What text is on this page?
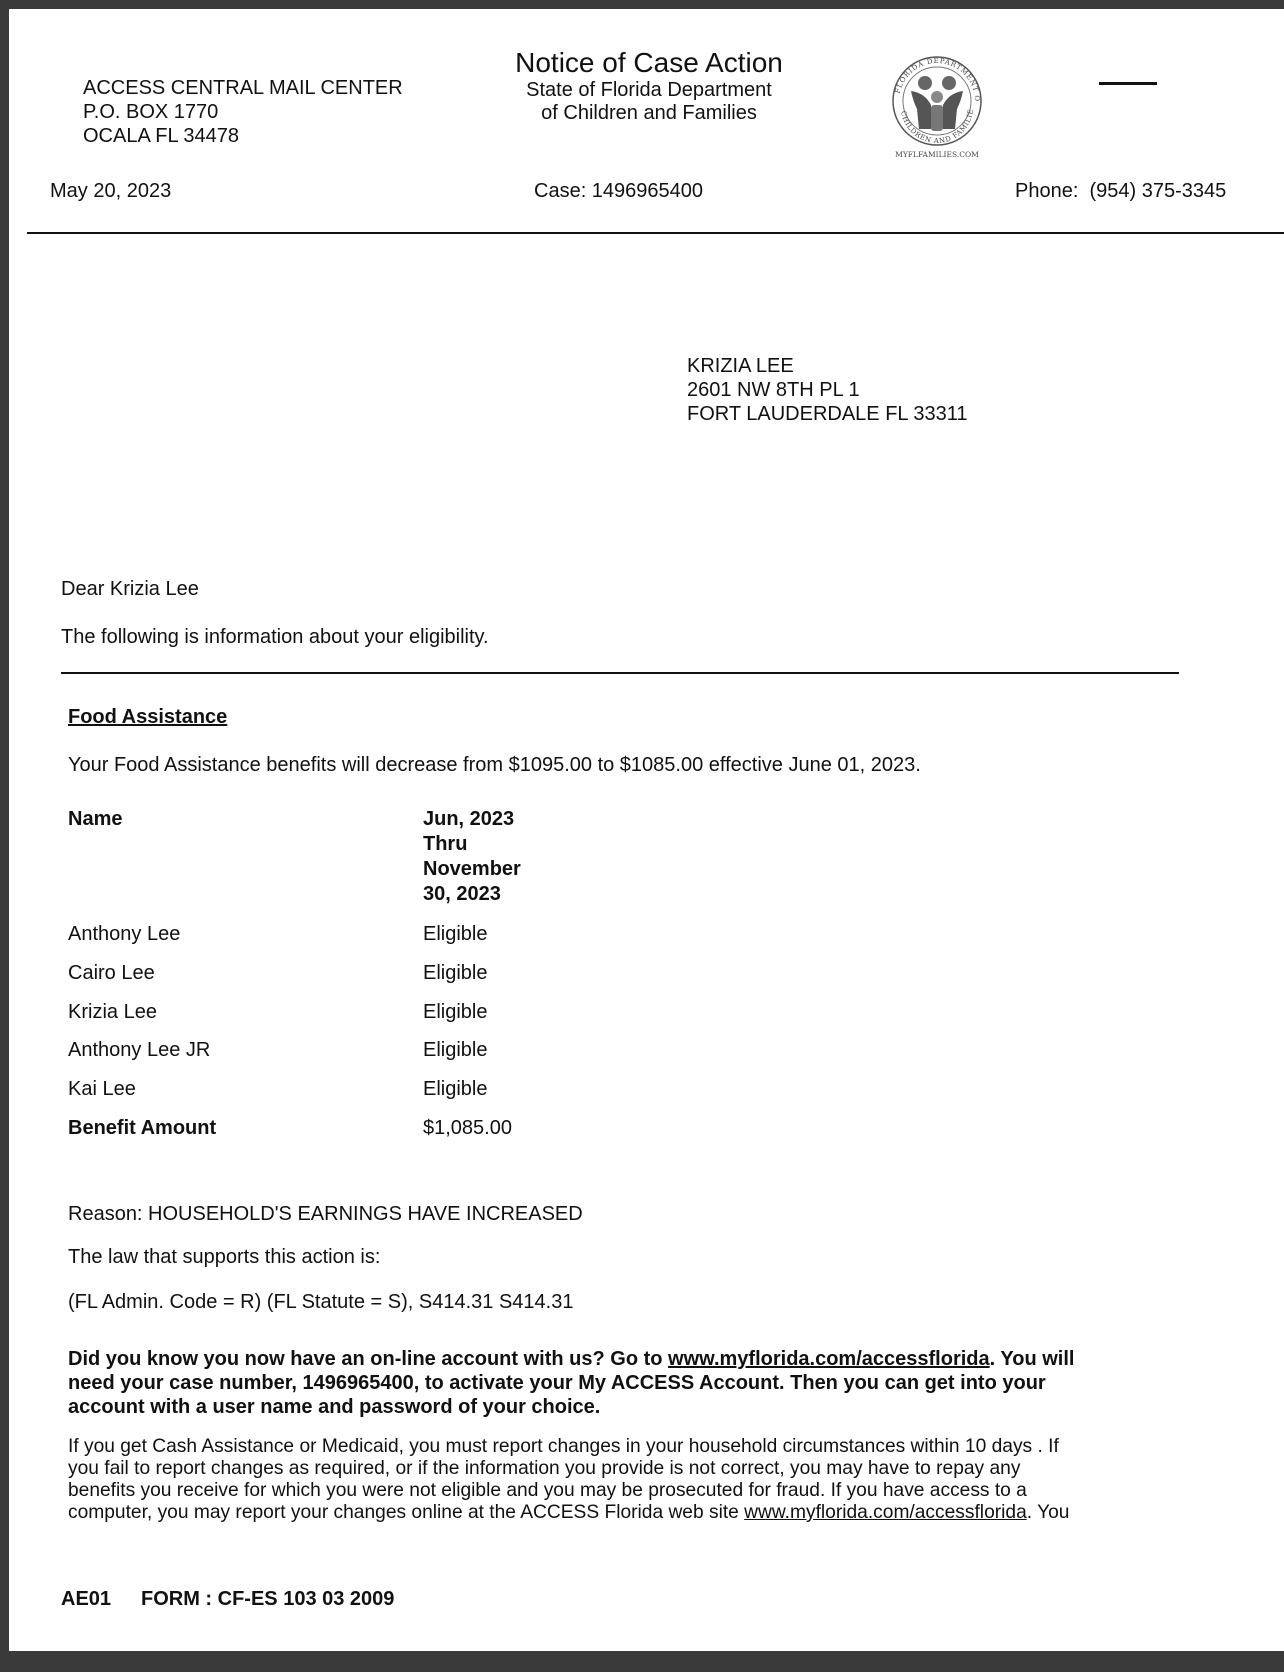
ACCESS CENTRAL MAIL CENTER
P.O. BOX 1770
OCALA FL 34478
Notice of Case Action
State of Florida Department
of Children and Families
FLORIDA DEPARTMENT O
CHILDREN AND FAMILIE
MYFLFAMILIES.COM
May 20, 2023	Case: 1496965400	Phone: (954) 375-3345
KRIZIA LEE
2601 NW 8TH PL 1
FORT LAUDERDALE FL 33311
Dear Krizia Lee
The following is information about your eligibility.
Food Assistance
Your Food Assistance benefits will decrease from $1095.00 to $1085.00 effective June 01, 2023.
Name	Jun, 2023
Thru
November
30, 2023
Anthony Lee	Eligible
Cairo Lee	Eligible
Krizia Lee	Eligible
Anthony Lee JR	Eligible
Kai Lee	Eligible
Benefit Amount	$1,085.00
Reason: HOUSEHOLD'S EARNINGS HAVE INCREASED
The law that supports this action is:
(FL Admin. Code = R) (FL Statute = S), S414.31 S414.31

Did you know you now have an on-line account with us? Go to www.myflorida.com/accessflorida. You will

need your case number, 1496965400, to activate your My ACCESS Account. Then you can get into your

account with a user name and password of your choice.

If you get Cash Assistance or Medicaid, you must report changes in your household circumstances within 10 days . If

you fail to report changes as required, or if the information you provide is not correct, you may have to repay any

benefits you receive for which you were not eligible and you may be prosecuted for fraud. If you have access to a

computer, you may report your changes online at the ACCESS Florida web site www.myflorida.com/accessflorida. You

AE01 FORM : CF-ES 103 03 2009
